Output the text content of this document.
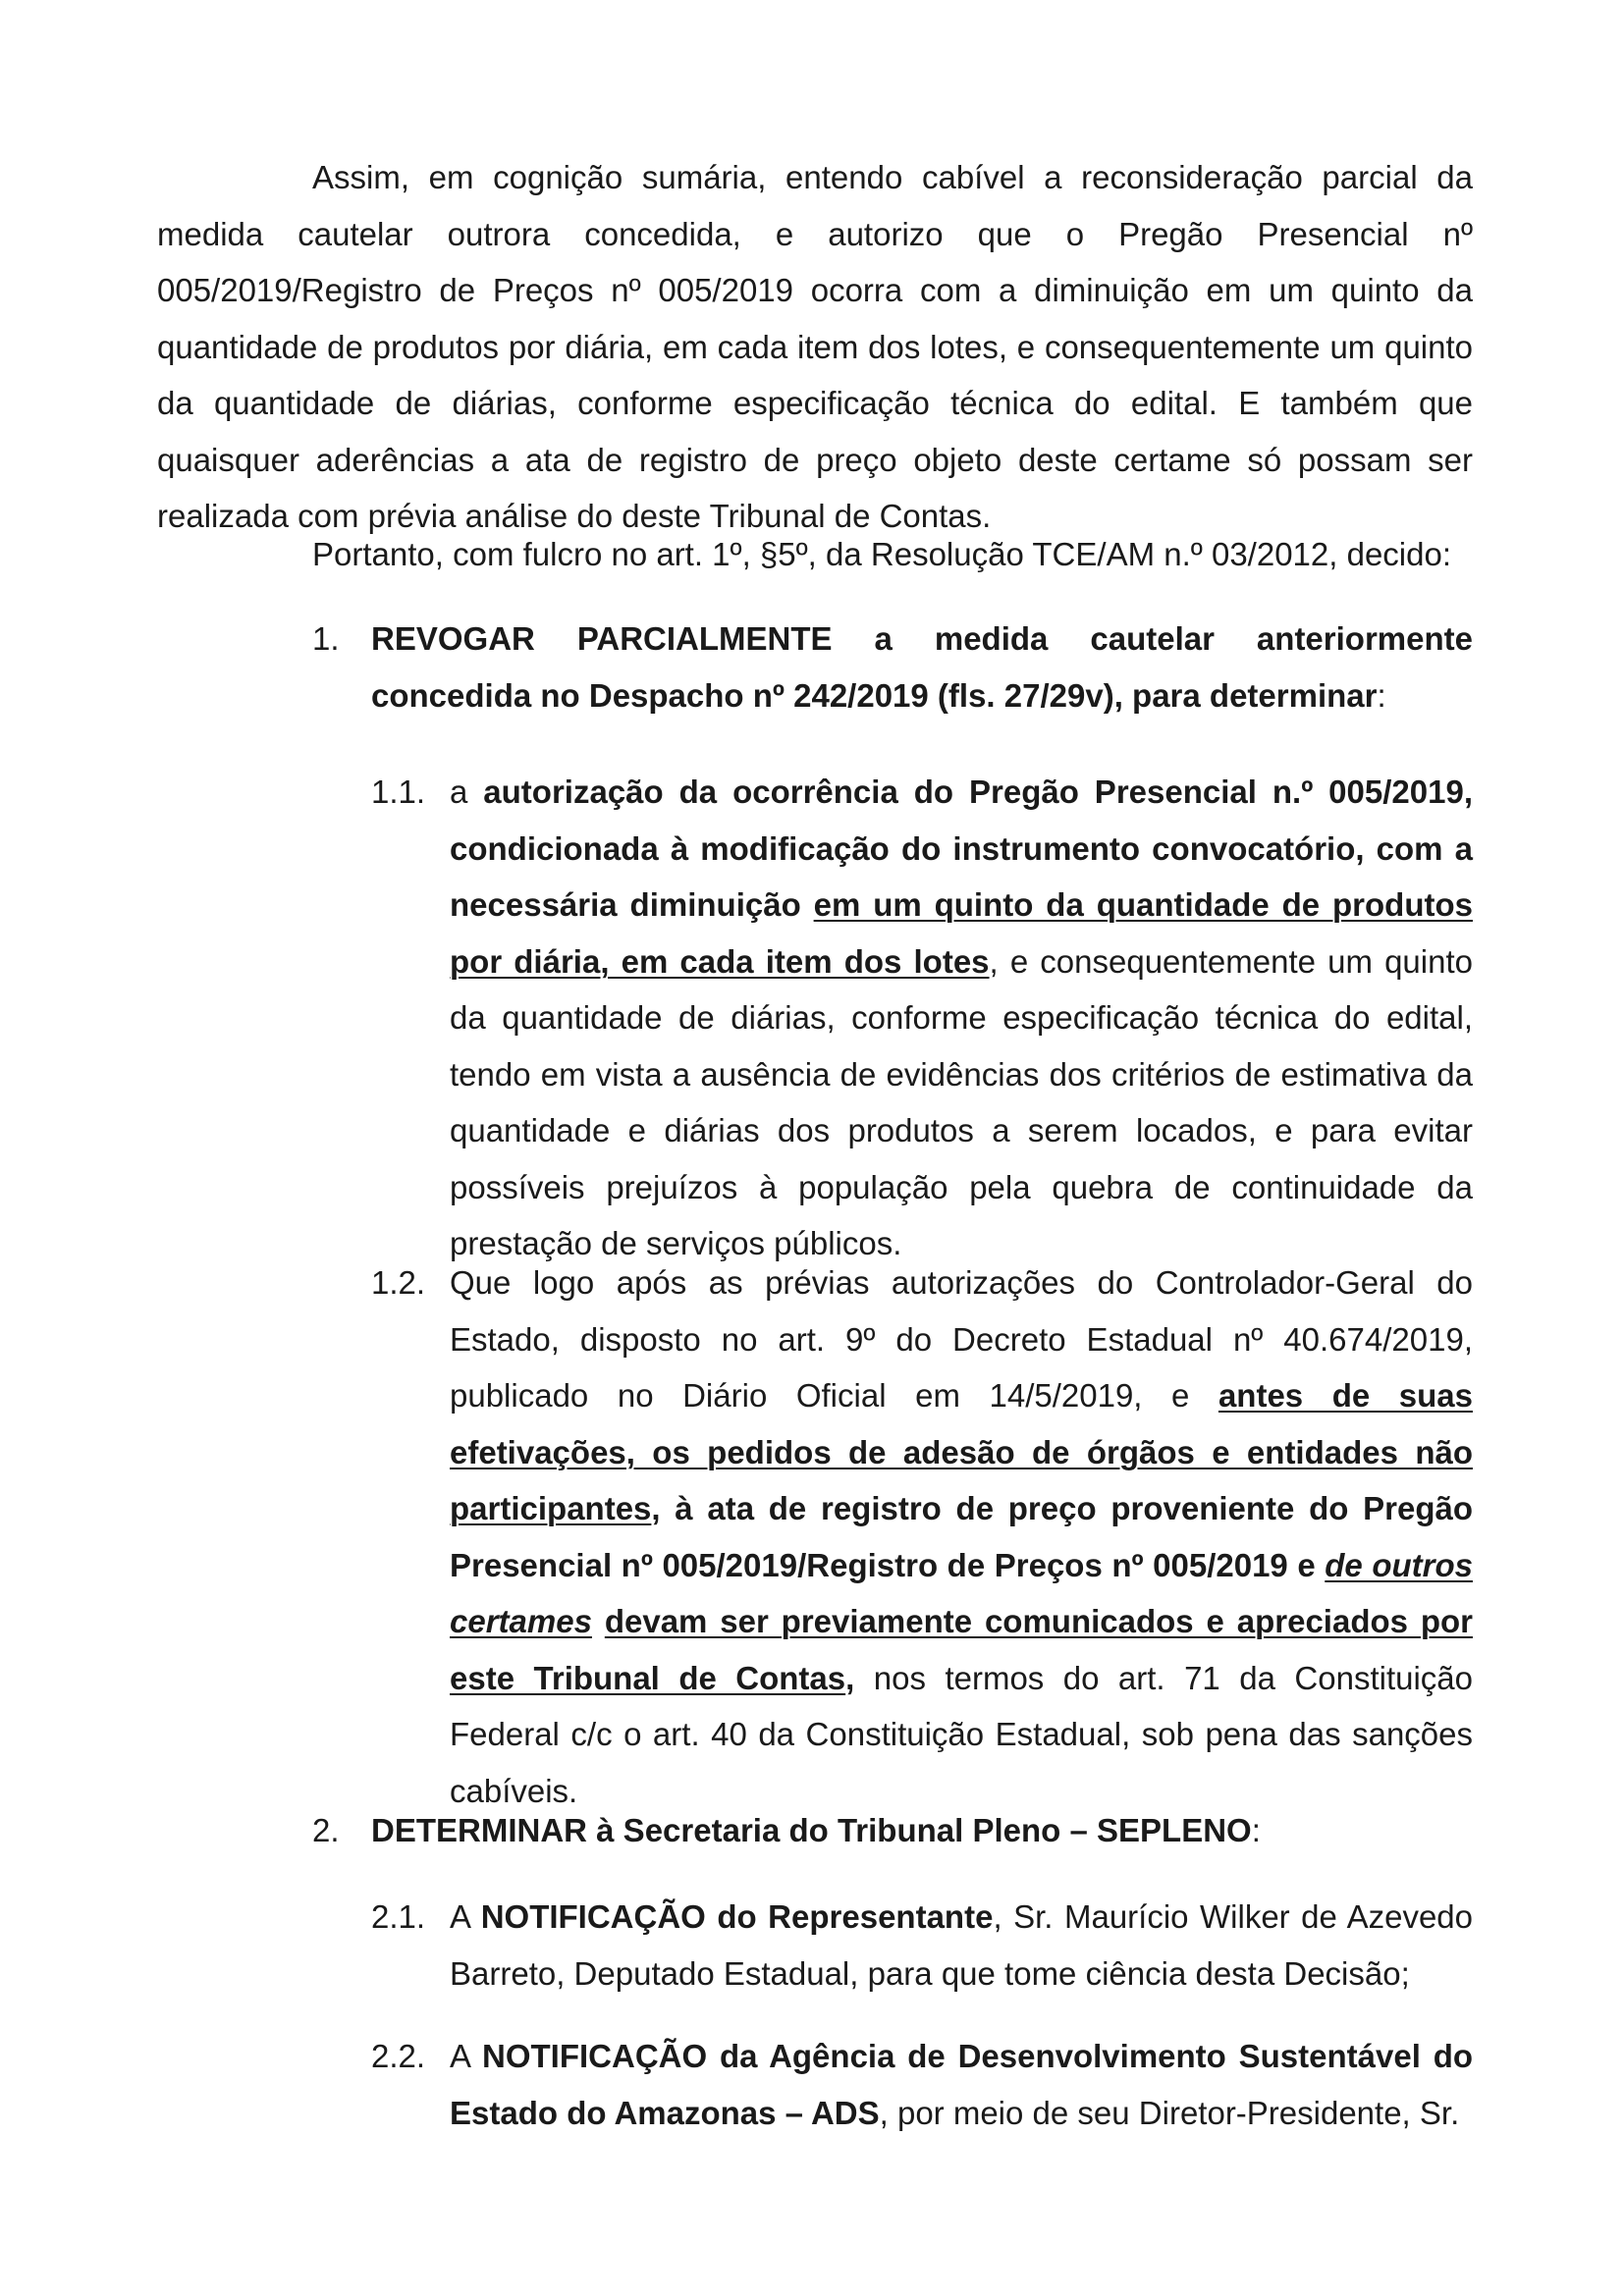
Assim, em cognição sumária, entendo cabível a reconsideração parcial da medida cautelar outrora concedida, e autorizo que o Pregão Presencial nº 005/2019/Registro de Preços nº 005/2019 ocorra com a diminuição em um quinto da quantidade de produtos por diária, em cada item dos lotes, e consequentemente um quinto da quantidade de diárias, conforme especificação técnica do edital. E também que quaisquer aderências a ata de registro de preço objeto deste certame só possam ser realizada com prévia análise do deste Tribunal de Contas.

Portanto, com fulcro no art. 1º, §5º, da Resolução TCE/AM n.º 03/2012, decido:

1. REVOGAR PARCIALMENTE a medida cautelar anteriormente concedida no Despacho nº 242/2019 (fls. 27/29v), para determinar:
1.1. a autorização da ocorrência do Pregão Presencial n.º 005/2019, condicionada à modificação do instrumento convocatório, com a necessária diminuição em um quinto da quantidade de produtos por diária, em cada item dos lotes, e consequentemente um quinto da quantidade de diárias, conforme especificação técnica do edital, tendo em vista a ausência de evidências dos critérios de estimativa da quantidade e diárias dos produtos a serem locados, e para evitar possíveis prejuízos à população pela quebra de continuidade da prestação de serviços públicos.
1.2. Que logo após as prévias autorizações do Controlador-Geral do Estado, disposto no art. 9º do Decreto Estadual nº 40.674/2019, publicado no Diário Oficial em 14/5/2019, e antes de suas efetivações, os pedidos de adesão de órgãos e entidades não participantes, à ata de registro de preço proveniente do Pregão Presencial nº 005/2019/Registro de Preços nº 005/2019 e de outros certames devam ser previamente comunicados e apreciados por este Tribunal de Contas, nos termos do art. 71 da Constituição Federal c/c o art. 40 da Constituição Estadual, sob pena das sanções cabíveis.
2. DETERMINAR à Secretaria do Tribunal Pleno – SEPLENO:
2.1. A NOTIFICAÇÃO do Representante, Sr. Maurício Wilker de Azevedo Barreto, Deputado Estadual, para que tome ciência desta Decisão;
2.2. A NOTIFICAÇÃO da Agência de Desenvolvimento Sustentável do Estado do Amazonas – ADS, por meio de seu Diretor-Presidente, Sr.
